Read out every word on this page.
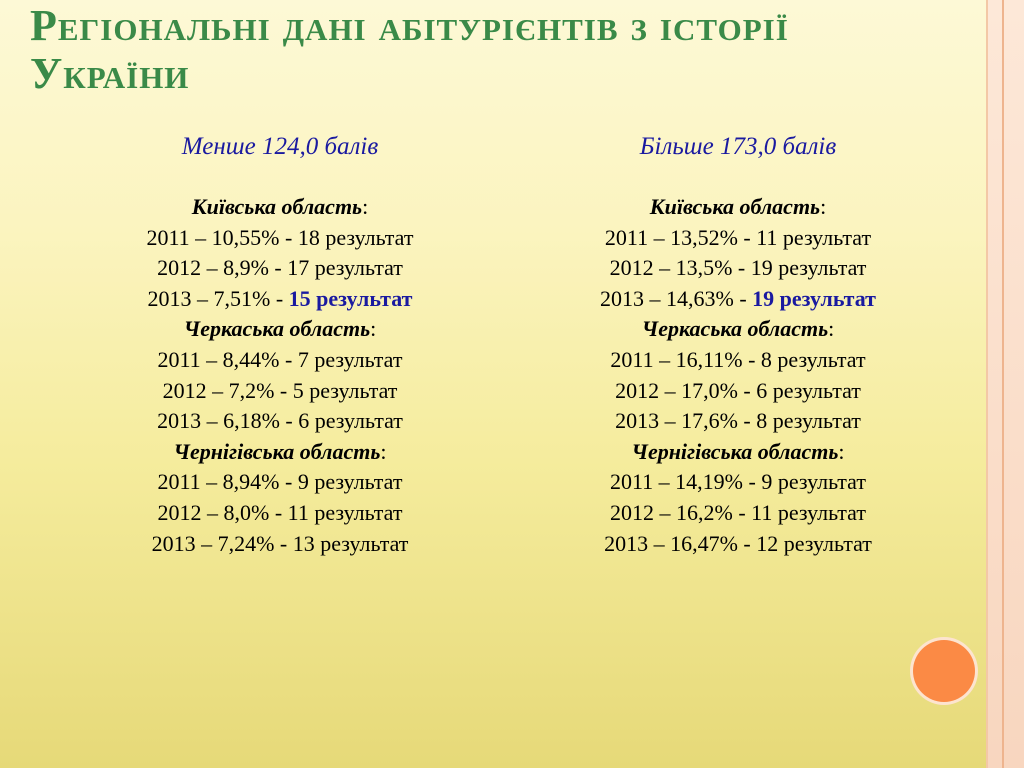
Регіональні дані абітурієнтів з історії України
Менше 124,0 балів
Київська область:
2011 – 10,55% - 18 результат
2012 – 8,9% - 17 результат
2013 – 7,51% - 15 результат
Черкаська область:
2011 – 8,44% - 7 результат
2012 – 7,2% - 5 результат
2013 – 6,18% - 6 результат
Чернігівська область:
2011 – 8,94% - 9 результат
2012 – 8,0% - 11 результат
2013 – 7,24% - 13 результат
Більше 173,0 балів
Київська область:
2011 – 13,52% - 11 результат
2012 – 13,5% - 19 результат
2013 – 14,63% - 19 результат
Черкаська область:
2011 – 16,11% - 8 результат
2012 – 17,0% - 6 результат
2013 – 17,6% - 8 результат
Чернігівська область:
2011 – 14,19% - 9 результат
2012 – 16,2% - 11 результат
2013 – 16,47% - 12 результат
